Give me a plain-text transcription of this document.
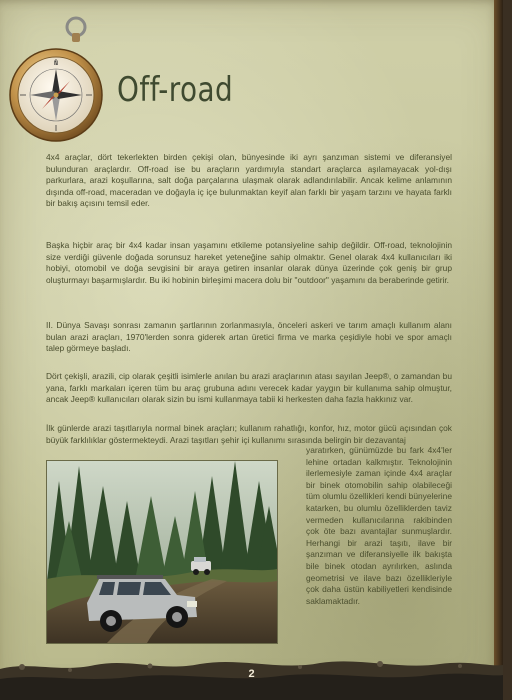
N
Off-road

4x4 araçlar, dört tekerlekten birden çekişi olan, bünyesinde iki ayrı şanzıman sistemi ve diferansiyel bulunduran araçlardır. Off-road ise bu araçların yardımıyla standart araçlarca aşılamayacak yol-dışı parkurlara, arazi koşullarına, salt doğa parçalarına ulaşmak olarak adlandırılabilir. Ancak kelime anlamının dışında off-road, maceradan ve doğayla iç içe bulunmaktan keyif alan farklı bir yaşam tarzını ve hayata farklı bir bakış açısını temsil eder.

Başka hiçbir araç bir 4x4 kadar insan yaşamını etkileme potansiyeline sahip değildir. Off-road, teknolojinin size verdiği güvenle doğada sorunsuz hareket yeteneğine sahip olmaktır. Genel olarak 4x4 kullanıcıları iki hobiyi, otomobil ve doğa sevgisini bir araya getiren insanlar olarak dünya üzerinde çok geniş bir grup oluşturmayı başarmışlardır. Bu iki hobinin birleşimi macera dolu bir "outdoor" yaşamını da beraberinde getirir.

II. Dünya Savaşı sonrası zamanın şartlarının zorlanmasıyla, önceleri askeri ve tarım amaçlı kullanım alanı bulan arazi araçları, 1970'lerden sonra giderek artan üretici firma ve marka çeşidiyle hobi ve spor amaçlı talep görmeye başladı.

Dört çekişli, arazili, cip olarak çeşitli isimlerle anılan bu arazi araçlarının atası sayılan Jeep®, o zamandan bu yana, farklı markaları içeren tüm bu araç grubuna adını verecek kadar yaygın bir kullanıma sahip olmuştur, ancak Jeep® kullanıcıları olarak sizin bu ismi kullanmaya tabii ki herkesten daha fazla hakkınız var.

İlk günlerde arazi taşıtlarıyla normal binek araçları; kullanım rahatlığı, konfor, hız, motor gücü açısından çok büyük farklılıklar göstermekteydi. Arazi taşıtları şehir içi kullanımı sırasında belirgin bir dezavantaj

yaratırken, günümüzde bu fark 4x4'ler lehine ortadan kalkmıştır. Teknolojinin ilerlemesiyle zaman içinde 4x4 araçlar bir binek otomobilin sahip olabileceği tüm olumlu özellikleri kendi bünyelerine katarken, bu olumlu özelliklerden taviz vermeden kullanıcılarına rakibinden çok öte bazı avantajlar sunmuşlardır. Herhangi bir arazi taşıtı, ilave bir şanzıman ve diferansiyelle ilk bakışta bile binek otodan ayrılırken, aslında geometrisi ve ilave bazı özellikleriyle çok daha üstün kabiliyetleri kendisinde saklamaktadır.

2
